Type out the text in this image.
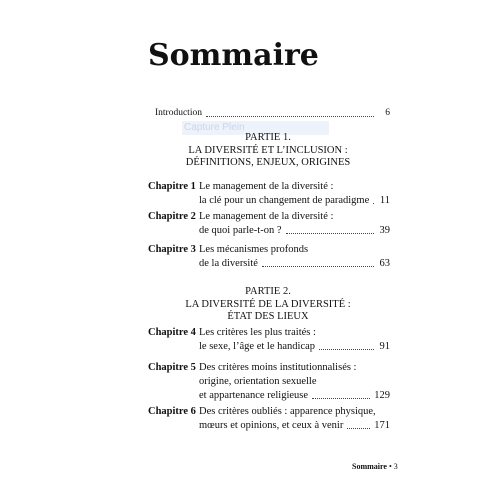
Sommaire
Introduction	6
Capture Plein
PARTIE 1.
LA DIVERSITÉ ET L’INCLUSION :
DÉFINITIONS, ENJEUX, ORIGINES
Chapitre 1 Le management de la diversité :
la clé pour un changement de paradigme 11
Chapitre 2 Le management de la diversité :
de quoi parle-t-on ?	39
Chapitre 3 Les mécanismes profonds
de la diversité	63
PARTIE 2.
LA DIVERSITÉ DE LA DIVERSITÉ :
ÉTAT DES LIEUX
Chapitre 4 Les critères les plus traités :
le sexe, l’âge et le handicap	91
Chapitre 5 Des critères moins institutionnalisés :
origine, orientation sexuelle
et appartenance religieuse	129
Chapitre 6 Des critères oubliés : apparence physique,
mœurs et opinions, et ceux à venir	171
Sommaire • 3
